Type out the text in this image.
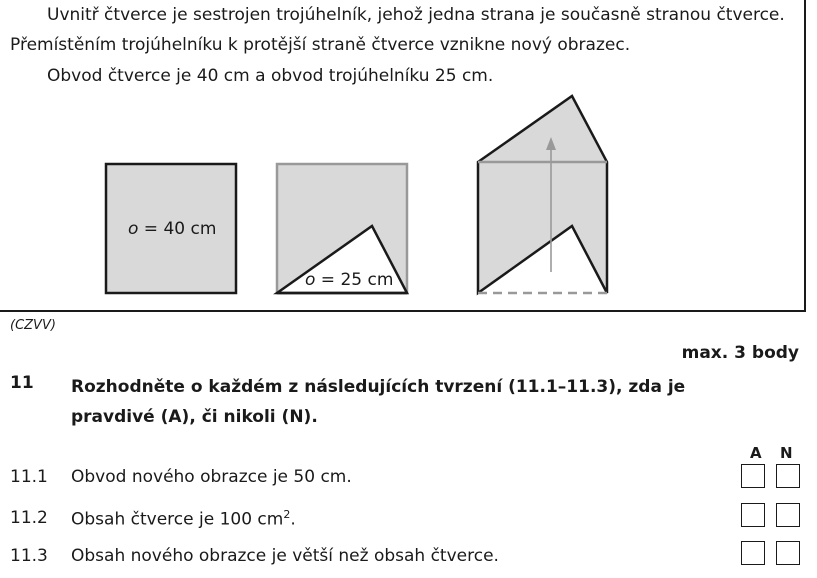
Uvnitř čtverce je sestrojen trojúhelník, jehož jedna strana je současně stranou čtverce.
Přemístěním trojúhelníku k protější straně čtverce vznikne nový obrazec.
Obvod čtverce je 40 cm a obvod trojúhelníku 25 cm.
o = 40 cm
o = 25 cm
(CZVV)
max. 3 body
11 Rozhodněte o každém z následujících tvrzení (11.1–11.3), zda je pravdivé (A), či nikoli (N).
A N
11.1 Obvod nového obrazce je 50 cm.
11.2 Obsah čtverce je 100 $cm^2$.
11.3 Obsah nového obrazce je větší než obsah čtverce.
